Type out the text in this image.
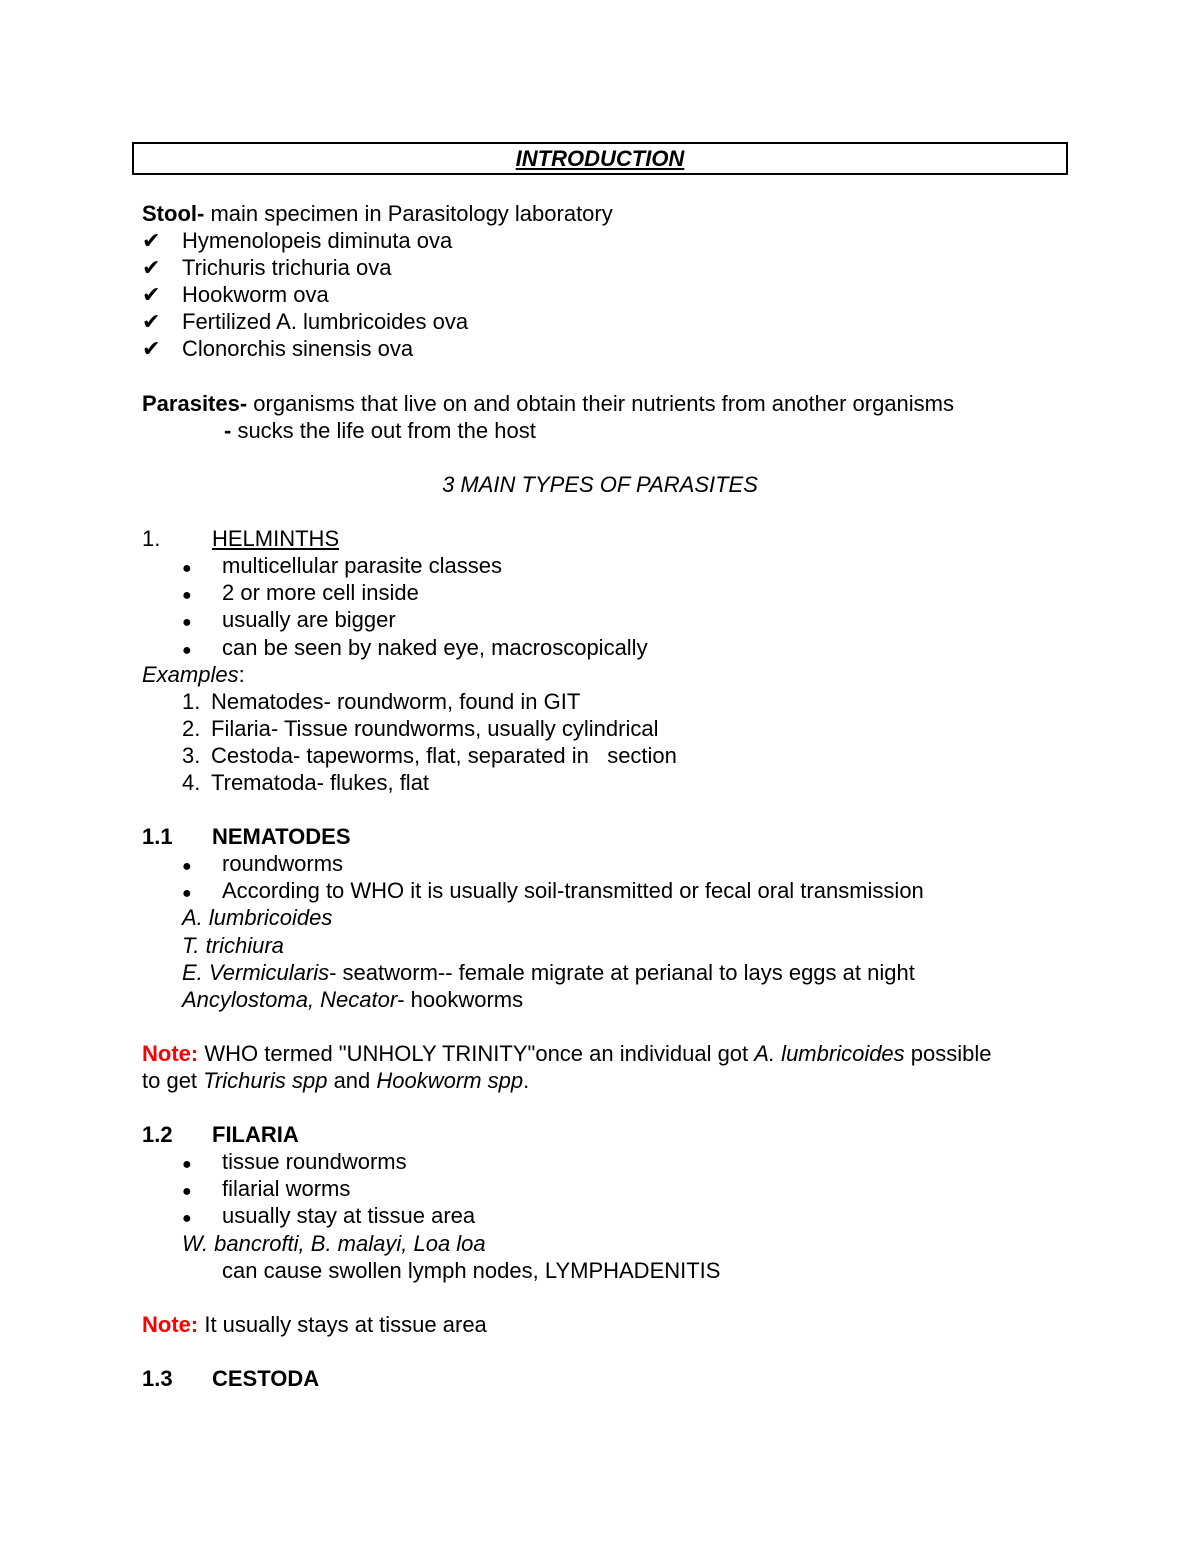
INTRODUCTION
Stool- main specimen in Parasitology laboratory
✔ Hymenolopeis diminuta ova
✔ Trichuris trichuria ova
✔ Hookworm ova
✔ Fertilized A. lumbricoides ova
✔ Clonorchis sinensis ova
Parasites- organisms that live on and obtain their nutrients from another organisms
- sucks the life out from the host
3 MAIN TYPES OF PARASITES
1. HELMINTHS
● multicellular parasite classes
● 2 or more cell inside
● usually are bigger
● can be seen by naked eye, macroscopically
Examples:
1. Nematodes- roundworm, found in GIT
2. Filaria- Tissue roundworms, usually cylindrical
3. Cestoda- tapeworms, flat, separated in   section
4. Trematoda- flukes, flat
1.1 NEMATODES
● roundworms
● According to WHO it is usually soil-transmitted or fecal oral transmission
A. lumbricoides
T. trichiura
E. Vermicularis- seatworm-- female migrate at perianal to lays eggs at night
Ancylostoma, Necator- hookworms
Note: WHO termed "UNHOLY TRINITY"once an individual got A. lumbricoides possible
to get Trichuris spp and Hookworm spp.
1.2 FILARIA
● tissue roundworms
● filarial worms
● usually stay at tissue area
W. bancrofti, B. malayi, Loa loa
can cause swollen lymph nodes, LYMPHADENITIS
Note: It usually stays at tissue area
1.3 CESTODA
